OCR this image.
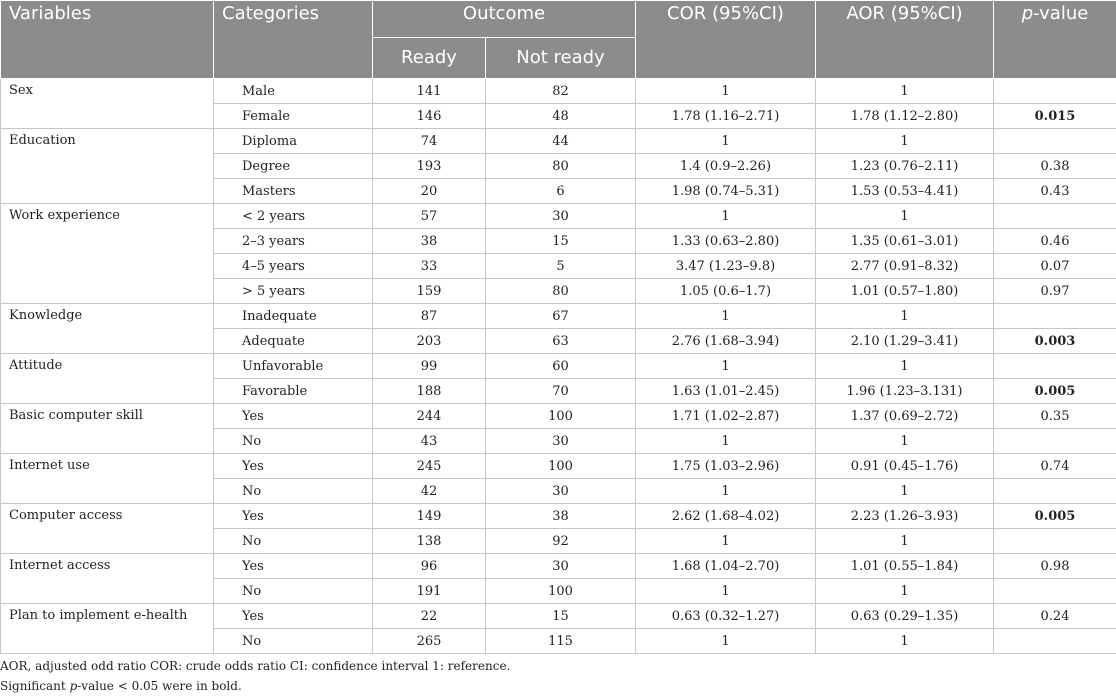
Variables	Categories	Outcome		COR (95%CI)	AOR (95%CI)	p-value
		Ready	Not ready			
Sex	Male	141	82	1	1	
	Female	146	48	1.78 (1.16–2.71)	1.78 (1.12–2.80)	0.015
Education	Diploma	74	44	1	1	
	Degree	193	80	1.4 (0.9–2.26)	1.23 (0.76–2.11)	0.38
	Masters	20	6	1.98 (0.74–5.31)	1.53 (0.53–4.41)	0.43
Work experience	< 2 years	57	30	1	1	
	2–3 years	38	15	1.33 (0.63–2.80)	1.35 (0.61–3.01)	0.46
	4–5 years	33	5	3.47 (1.23–9.8)	2.77 (0.91–8.32)	0.07
	> 5 years	159	80	1.05 (0.6–1.7)	1.01 (0.57–1.80)	0.97
Knowledge	Inadequate	87	67	1	1	
	Adequate	203	63	2.76 (1.68–3.94)	2.10 (1.29–3.41)	0.003
Attitude	Unfavorable	99	60	1	1	
	Favorable	188	70	1.63 (1.01–2.45)	1.96 (1.23–3.131)	0.005
Basic computer skill	Yes	244	100	1.71 (1.02–2.87)	1.37 (0.69–2.72)	0.35
	No	43	30	1	1	
Internet use	Yes	245	100	1.75 (1.03–2.96)	0.91 (0.45–1.76)	0.74
	No	42	30	1	1	
Computer access	Yes	149	38	2.62 (1.68–4.02)	2.23 (1.26–3.93)	0.005
	No	138	92	1	1	
Internet access	Yes	96	30	1.68 (1.04–2.70)	1.01 (0.55–1.84)	0.98
	No	191	100	1	1	
Plan to implement e-health	Yes	22	15	0.63 (0.32–1.27)	0.63 (0.29–1.35)	0.24
	No	265	115	1	1	
AOR, adjusted odd ratio COR: crude odds ratio CI: confidence interval 1: reference.
Significant p-value < 0.05 were in bold.
